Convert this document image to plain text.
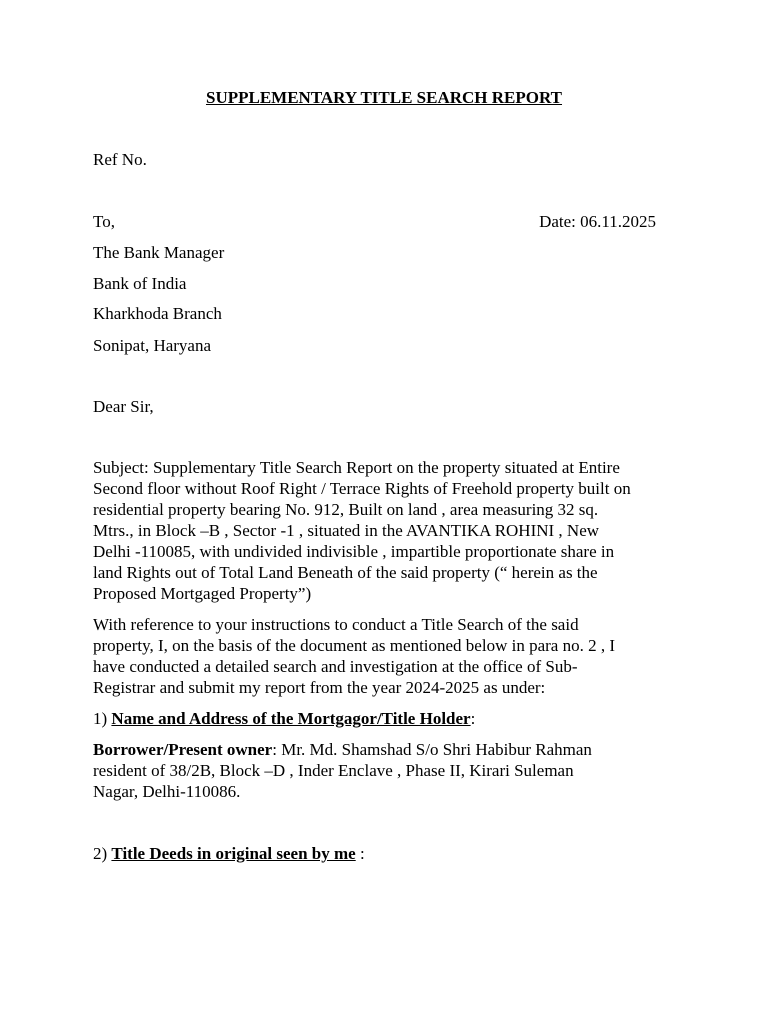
SUPPLEMENTARY TITLE SEARCH REPORT
Ref No.
To,	Date: 06.11.2025
The Bank Manager
Bank of India
Kharkhoda Branch
Sonipat, Haryana
Dear Sir,
Subject: Supplementary Title Search Report on the property situated at Entire
Second floor without Roof Right / Terrace Rights of Freehold property built on
residential property bearing No. 912, Built on land , area measuring 32 sq.
Mtrs., in Block –B , Sector -1 , situated in the AVANTIKA ROHINI , New
Delhi -110085, with undivided indivisible , impartible proportionate share in
land Rights out of Total Land Beneath of the said property (“ herein as the
Proposed Mortgaged Property”)
With reference to your instructions to conduct a Title Search of the said
property, I, on the basis of the document as mentioned below in para no. 2 , I
have conducted a detailed search and investigation at the office of Sub-
Registrar and submit my report from the year 2024-2025 as under:
1) Name and Address of the Mortgagor/Title Holder:
Borrower/Present owner: Mr. Md. Shamshad S/o Shri Habibur Rahman
resident of 38/2B, Block –D , Inder Enclave , Phase II, Kirari Suleman
Nagar, Delhi-110086.
2) Title Deeds in original seen by me :
